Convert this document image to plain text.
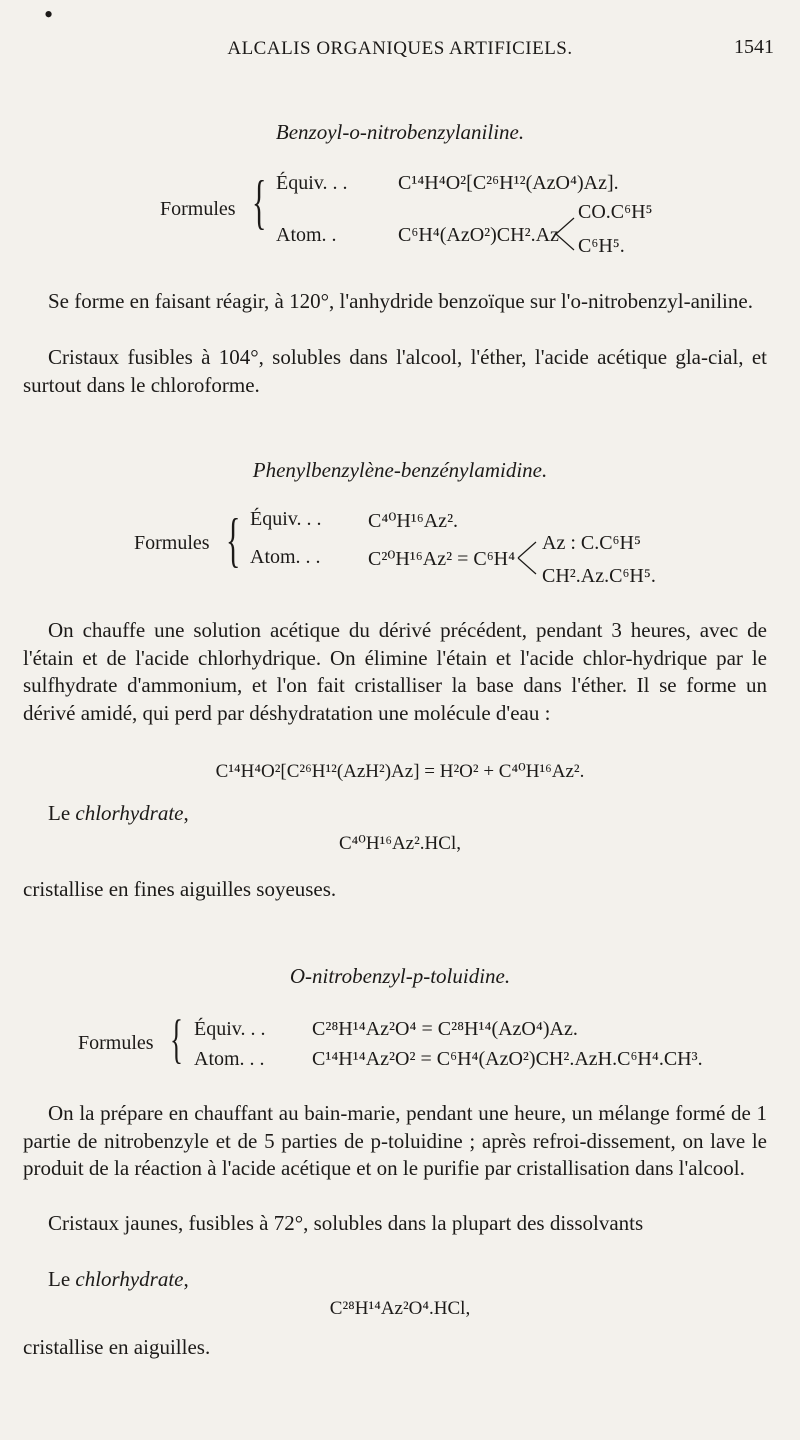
•
ALCALIS ORGANIQUES ARTIFICIELS.	1541
Benzoyl-o-nitrobenzylaniline.
Formules { Équiv. . .	C¹⁴H⁴O²[C²⁶H¹²(AzO⁴)Az].
Atom. .	C⁶H⁴(AzO²)CH².Az
CO.C⁶H⁵
C⁶H⁵.
Se forme en faisant réagir, à 120°, l'anhydride benzoïque sur l'o-nitrobenzyl-aniline.
Cristaux fusibles à 104°, solubles dans l'alcool, l'éther, l'acide acétique gla-cial, et surtout dans le chloroforme.
Phenylbenzylène-benzénylamidine.
Formules { Équiv. . . C⁴⁰H¹⁶Az².
Atom. . . C²⁰H¹⁶Az² = C⁶H⁴
Az : C.C⁶H⁵
CH².Az.C⁶H⁵.
On chauffe une solution acétique du dérivé précédent, pendant 3 heures, avec de l'étain et de l'acide chlorhydrique. On élimine l'étain et l'acide chlor-hydrique par le sulfhydrate d'ammonium, et l'on fait cristalliser la base dans l'éther. Il se forme un dérivé amidé, qui perd par déshydratation une molécule d'eau :
C¹⁴H⁴O²[C²⁶H¹²(AzH²)Az] = H²O² + C⁴⁰H¹⁶Az².
Le chlorhydrate,
C⁴⁰H¹⁶Az².HCl,
cristallise en fines aiguilles soyeuses.
O-nitrobenzyl-p-toluidine.
Formules { Équiv. . . C²⁸H¹⁴Az²O⁴ = C²⁸H¹⁴(AzO⁴)Az.
Atom. . . C¹⁴H¹⁴Az²O² = C⁶H⁴(AzO²)CH².AzH.C⁶H⁴.CH³.
On la prépare en chauffant au bain-marie, pendant une heure, un mélange formé de 1 partie de nitrobenzyle et de 5 parties de p-toluidine ; après refroi-dissement, on lave le produit de la réaction à l'acide acétique et on le purifie par cristallisation dans l'alcool.
Cristaux jaunes, fusibles à 72°, solubles dans la plupart des dissolvants
Le chlorhydrate,
C²⁸H¹⁴Az²O⁴.HCl,
cristallise en aiguilles.
